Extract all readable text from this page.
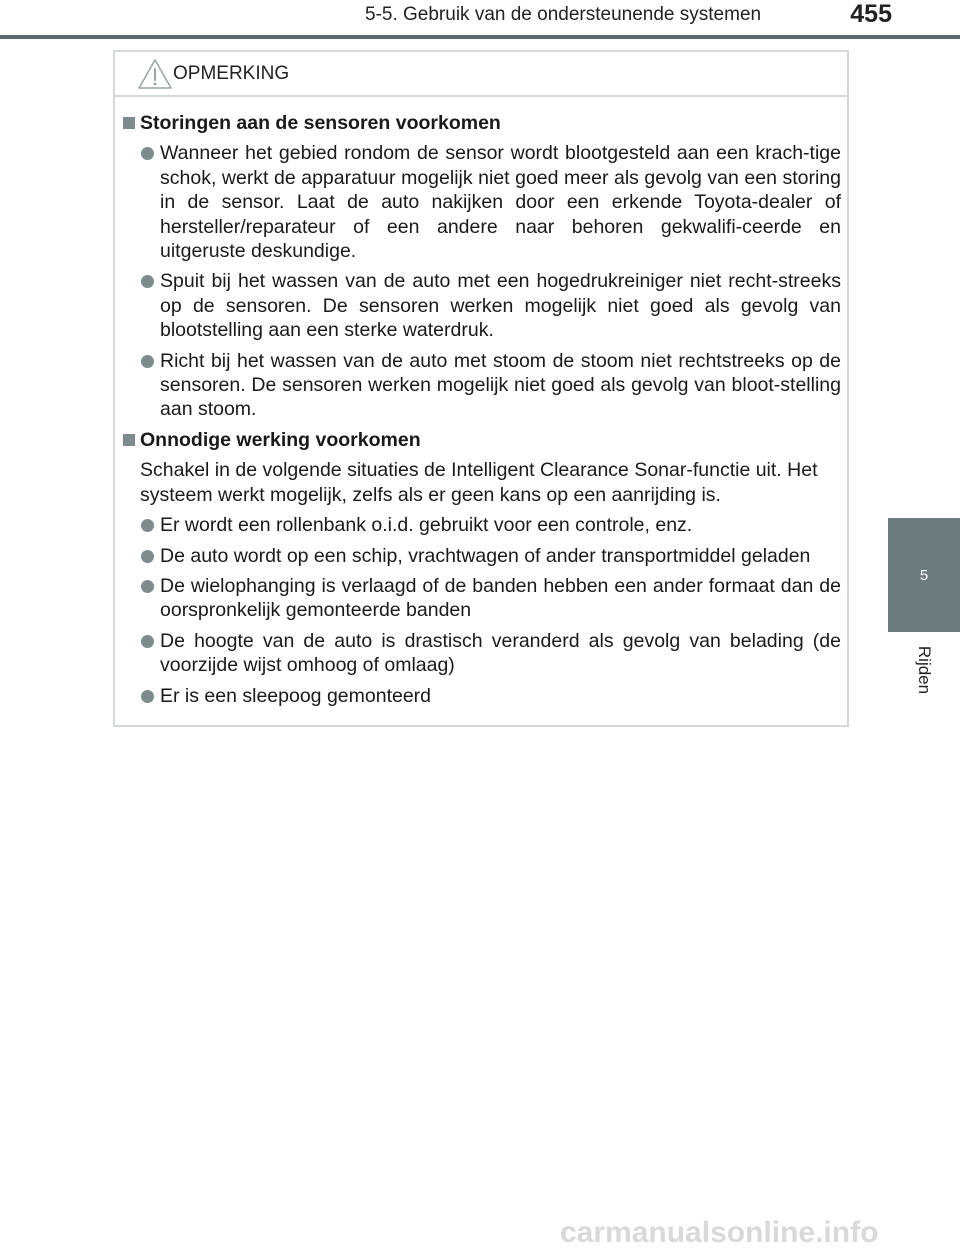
5-5. Gebruik van de ondersteunende systemen	455
5
Rijden
OPMERKING
Storingen aan de sensoren voorkomen
Wanneer het gebied rondom de sensor wordt blootgesteld aan een krach-tige schok, werkt de apparatuur mogelijk niet goed meer als gevolg van een storing in de sensor. Laat de auto nakijken door een erkende Toyota-dealer of hersteller/reparateur of een andere naar behoren gekwalifi-ceerde en uitgeruste deskundige.
Spuit bij het wassen van de auto met een hogedrukreiniger niet recht-streeks op de sensoren. De sensoren werken mogelijk niet goed als gevolg van blootstelling aan een sterke waterdruk.
Richt bij het wassen van de auto met stoom de stoom niet rechtstreeks op de sensoren. De sensoren werken mogelijk niet goed als gevolg van bloot-stelling aan stoom.
Onnodige werking voorkomen
Schakel in de volgende situaties de Intelligent Clearance Sonar-functie uit. Het systeem werkt mogelijk, zelfs als er geen kans op een aanrijding is.
Er wordt een rollenbank o.i.d. gebruikt voor een controle, enz.
De auto wordt op een schip, vrachtwagen of ander transportmiddel geladen
De wielophanging is verlaagd of de banden hebben een ander formaat dan de oorspronkelijk gemonteerde banden
De hoogte van de auto is drastisch veranderd als gevolg van belading (de voorzijde wijst omhoog of omlaag)
Er is een sleepoog gemonteerd
carmanualsonline.info
